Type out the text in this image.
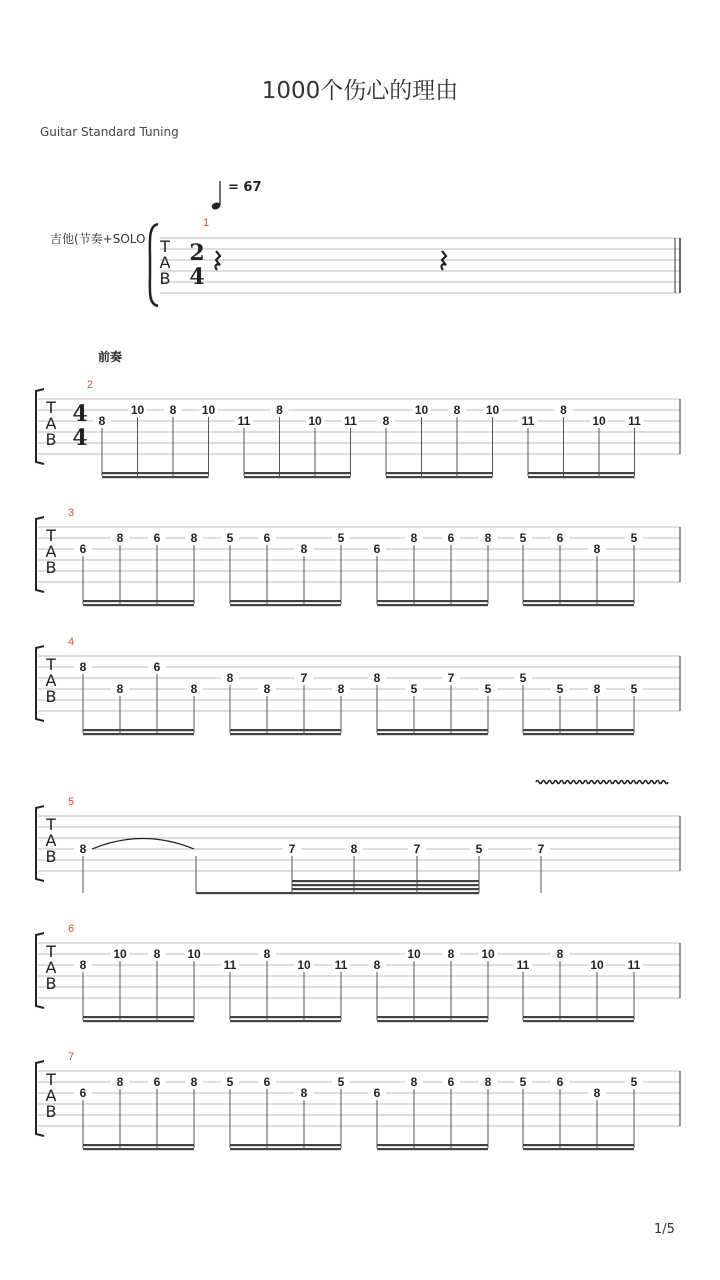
1000个伤心的理由
Guitar Standard Tuning
= 67
吉他(节奏+SOLO
前奏
1/5
T
A
B
2
4
1
T
A
B
4
4
2
8
10 8 10
11
8
10 11 8
10 8 10
11
8
10 11
T
A
B
3
6
8	6	8 5	6
8
5
6
8	6	8 5	6
8
5
T
A
B
4
8
8
6
8
8
8
7
8
8
5
7
5
5
5	8	5
T
A
B
5
8	7	8	7	5	7
T
A
B
6
8
10 8 10
11
8
10 11 8
10 8 10
11
8
10 11
T
A
B
7
6
8	6	8 5	6
8
5
6
8	6	8 5	6
8
5
